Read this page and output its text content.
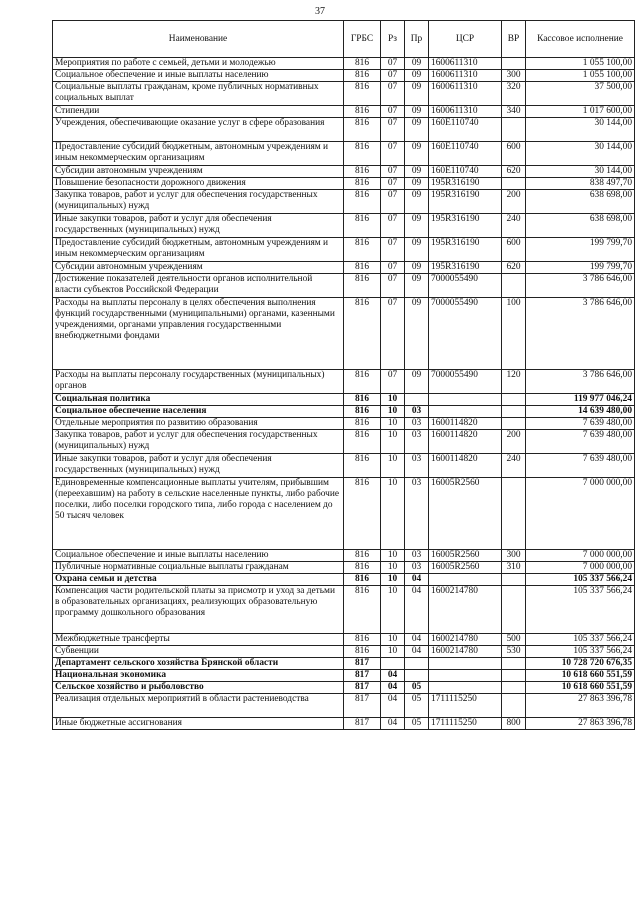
37
Наименование	ГРБС	Рз	Пр	ЦСР	ВР	Кассовое исполнение
Мероприятия по работе с семьей, детьми и молодежью	816	07	09	1600611310		1 055 100,00
Социальное обеспечение и иные выплаты населению	816	07	09	1600611310	300	1 055 100,00
Социальные выплаты гражданам, кроме публичных нормативных социальных выплат	816	07	09	1600611310	320	37 500,00
Стипендии	816	07	09	1600611310	340	1 017 600,00
Учреждения, обеспечивающие оказание услуг в сфере образования	816	07	09	160E110740		30 144,00
Предоставление субсидий бюджетным, автономным учреждениям и иным некоммерческим организациям	816	07	09	160E110740	600	30 144,00
Субсидии автономным учреждениям	816	07	09	160E110740	620	30 144,00
Повышение безопасности дорожного движения	816	07	09	195R316190		838 497,70
Закупка товаров, работ и услуг для обеспечения государственных (муниципальных) нужд	816	07	09	195R316190	200	638 698,00
Иные закупки товаров, работ и услуг для обеспечения государственных (муниципальных) нужд	816	07	09	195R316190	240	638 698,00
Предоставление субсидий бюджетным, автономным учреждениям и иным некоммерческим организациям	816	07	09	195R316190	600	199 799,70
Субсидии автономным учреждениям	816	07	09	195R316190	620	199 799,70
Достижение показателей деятельности органов исполнительной власти субъектов Российской Федерации	816	07	09	7000055490		3 786 646,00
Расходы на выплаты персоналу в целях обеспечения выполнения функций государственными (муниципальными) органами, казенными учреждениями, органами управления государственными внебюджетными фондами	816	07	09	7000055490	100	3 786 646,00
Расходы на выплаты персоналу государственных (муниципальных) органов	816	07	09	7000055490	120	3 786 646,00
Социальная политика	816	10				119 977 046,24
Социальное обеспечение населения	816	10	03			14 639 480,00
Отдельные мероприятия по развитию образования	816	10	03	1600114820		7 639 480,00
Закупка товаров, работ и услуг для обеспечения государственных (муниципальных) нужд	816	10	03	1600114820	200	7 639 480,00
Иные закупки товаров, работ и услуг для обеспечения государственных (муниципальных) нужд	816	10	03	1600114820	240	7 639 480,00
Единовременные компенсационные выплаты учителям, прибывшим (переехавшим) на работу в сельские населенные пункты, либо рабочие поселки, либо поселки городского типа, либо города с населением до 50 тысяч человек	816	10	03	16005R2560		7 000 000,00
Социальное обеспечение и иные выплаты населению	816	10	03	16005R2560	300	7 000 000,00
Публичные нормативные социальные выплаты гражданам	816	10	03	16005R2560	310	7 000 000,00
Охрана семьи и детства	816	10	04			105 337 566,24
Компенсация части родительской платы за присмотр и уход за детьми в образовательных организациях, реализующих образовательную программу дошкольного образования	816	10	04	1600214780		105 337 566,24
Межбюджетные трансферты	816	10	04	1600214780	500	105 337 566,24
Субвенции	816	10	04	1600214780	530	105 337 566,24
Департамент сельского хозяйства Брянской области	817					10 728 720 676,35
Национальная экономика	817	04				10 618 660 551,59
Сельское хозяйство и рыболовство	817	04	05			10 618 660 551,59
Реализация отдельных мероприятий в области растениеводства	817	04	05	1711115250		27 863 396,78
Иные бюджетные ассигнования	817	04	05	1711115250	800	27 863 396,78
